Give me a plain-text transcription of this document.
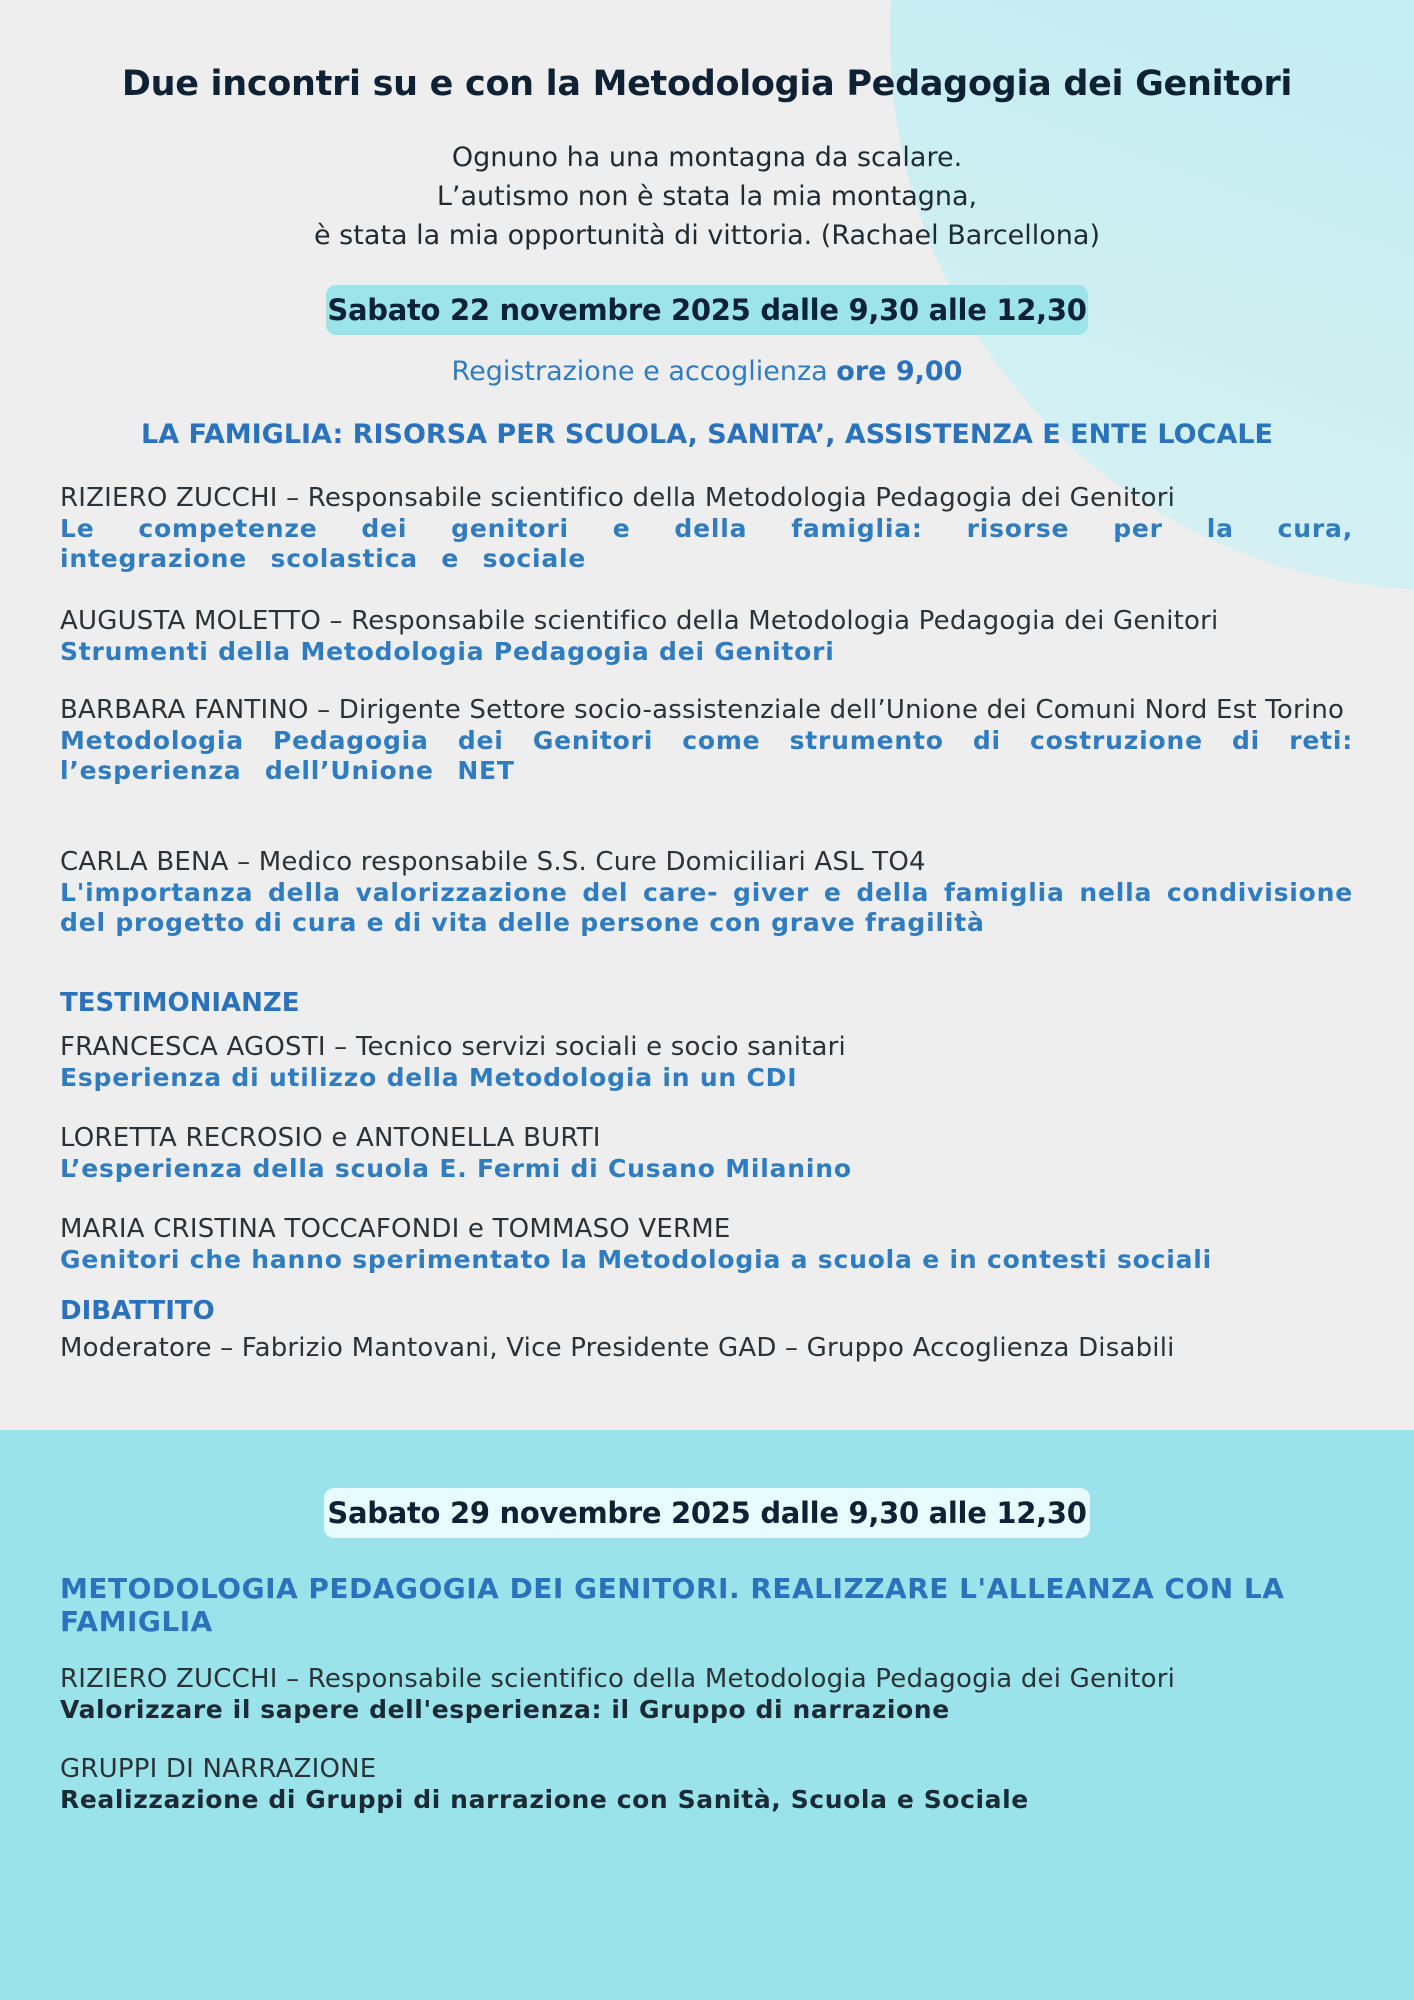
Due incontri su e con la Metodologia Pedagogia dei Genitori
Ognuno ha una montagna da scalare.
L’autismo non è stata la mia montagna,
è stata la mia opportunità di vittoria. (Rachael Barcellona)
Sabato 22 novembre 2025 dalle 9,30 alle 12,30
Registrazione e accoglienza ore 9,00
LA FAMIGLIA: RISORSA PER SCUOLA, SANITA’, ASSISTENZA E ENTE LOCALE
RIZIERO ZUCCHI – Responsabile scientifico della Metodologia Pedagogia dei Genitori
Le competenze dei genitori e della famiglia: risorse per la cura, integrazione scolastica e sociale
AUGUSTA MOLETTO – Responsabile scientifico della Metodologia Pedagogia dei Genitori
Strumenti della Metodologia Pedagogia dei Genitori
BARBARA FANTINO – Dirigente Settore socio-assistenziale dell’Unione dei Comuni Nord Est Torino
Metodologia Pedagogia dei Genitori come strumento di costruzione di reti: l’esperienza dell’Unione NET
CARLA BENA – Medico responsabile S.S. Cure Domiciliari ASL TO4
L'importanza della valorizzazione del care- giver e della famiglia nella condivisione del progetto di cura e di vita delle persone con grave fragilità
TESTIMONIANZE
FRANCESCA AGOSTI – Tecnico servizi sociali e socio sanitari
Esperienza di utilizzo della Metodologia in un CDI
LORETTA RECROSIO e ANTONELLA BURTI
L’esperienza della scuola E. Fermi di Cusano Milanino
MARIA CRISTINA TOCCAFONDI e TOMMASO VERME
Genitori che hanno sperimentato la Metodologia a scuola e in contesti sociali
DIBATTITO
Moderatore – Fabrizio Mantovani, Vice Presidente GAD – Gruppo Accoglienza Disabili
Sabato 29 novembre 2025 dalle 9,30 alle 12,30
METODOLOGIA PEDAGOGIA DEI GENITORI. REALIZZARE L'ALLEANZA CON LA FAMIGLIA
RIZIERO ZUCCHI – Responsabile scientifico della Metodologia Pedagogia dei Genitori
Valorizzare il sapere dell'esperienza: il Gruppo di narrazione
GRUPPI DI NARRAZIONE
Realizzazione di Gruppi di narrazione con Sanità, Scuola e Sociale
